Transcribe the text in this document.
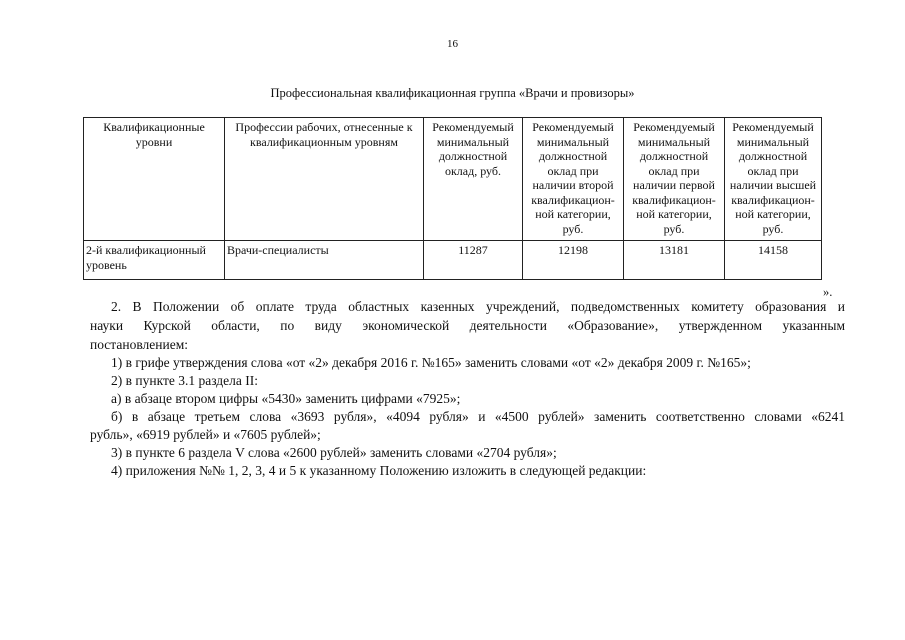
16
Профессиональная квалификационная группа «Врачи и провизоры»
Квалификационные уровни	Профессии рабочих, отнесенные к квалификационным уровням	Рекомендуемый минимальный должностной оклад, руб.	Рекомендуемый минимальный должностной оклад при наличии второй квалификацион-ной категории, руб.	Рекомендуемый минимальный должностной оклад при наличии первой квалификацион-ной категории, руб.	Рекомендуемый минимальный должностной оклад при наличии высшей квалификацион-ной категории, руб.
2-й квалификационный уровень	Врачи-специалисты	11287	12198	13181	14158
».
2. В Положении об оплате труда областных казенных учреждений, подведомственных комитету образования и
науки Курской области, по виду экономической деятельности «Образование», утвержденном указанным
постановлением:
1) в грифе утверждения слова «от «2» декабря 2016 г. №165» заменить словами «от «2» декабря 2009 г. №165»;
2) в пункте 3.1 раздела II:
а) в абзаце втором цифры «5430» заменить цифрами «7925»;
б) в абзаце третьем слова «3693 рубля», «4094 рубля» и «4500 рублей» заменить соответственно словами «6241
рубль», «6919 рублей» и «7605 рублей»;
3) в пункте 6 раздела V слова «2600 рублей» заменить словами «2704 рубля»;
4) приложения №№ 1, 2, 3, 4 и 5 к указанному Положению изложить в следующей редакции:
